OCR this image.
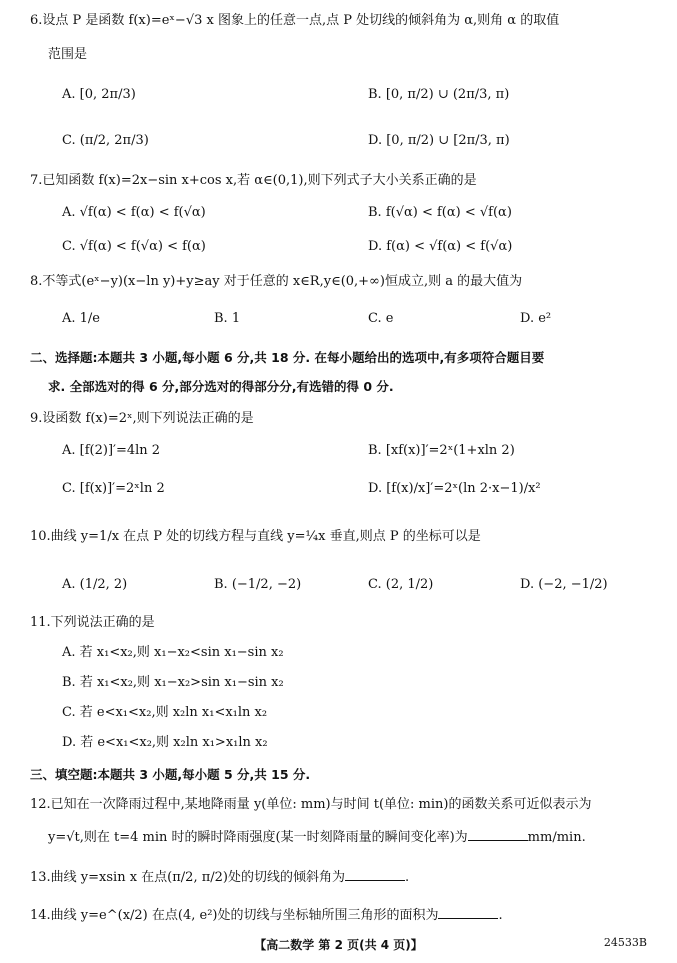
6.设点 P 是函数 f(x)=eˣ−√3 x 图象上的任意一点,点 P 处切线的倾斜角为 α,则角 α 的取值
范围是
A. [0, 2π/3)	B. [0, π/2) ∪ (2π/3, π)
C. (π/2, 2π/3)	D. [0, π/2) ∪ [2π/3, π)
7.已知函数 f(x)=2x−sin x+cos x,若 α∈(0,1),则下列式子大小关系正确的是
A. √f(α) < f(α) < f(√α)	B. f(√α) < f(α) < √f(α)
C. √f(α) < f(√α) < f(α)	D. f(α) < √f(α) < f(√α)
8.不等式(eˣ−y)(x−ln y)+y≥ay 对于任意的 x∈R,y∈(0,+∞)恒成立,则 a 的最大值为
A. 1/e	B. 1	C. e	D. e²
二、选择题:本题共 3 小题,每小题 6 分,共 18 分. 在每小题给出的选项中,有多项符合题目要
求. 全部选对的得 6 分,部分选对的得部分分,有选错的得 0 分.
9.设函数 f(x)=2ˣ,则下列说法正确的是
A. [f(2)]′=4ln 2	B. [xf(x)]′=2ˣ(1+xln 2)
C. [f(x)]′=2ˣln 2	D. [f(x)/x]′=2ˣ(ln 2·x−1)/x²
10.曲线 y=1/x 在点 P 处的切线方程与直线 y=¼x 垂直,则点 P 的坐标可以是
A. (1/2, 2)	B. (−1/2, −2)	C. (2, 1/2)	D. (−2, −1/2)
11.下列说法正确的是
A. 若 x₁<x₂,则 x₁−x₂<sin x₁−sin x₂
B. 若 x₁<x₂,则 x₁−x₂>sin x₁−sin x₂
C. 若 e<x₁<x₂,则 x₂ln x₁<x₁ln x₂
D. 若 e<x₁<x₂,则 x₂ln x₁>x₁ln x₂
三、填空题:本题共 3 小题,每小题 5 分,共 15 分.
12.已知在一次降雨过程中,某地降雨量 y(单位: mm)与时间 t(单位: min)的函数关系可近似表示为
y=√t,则在 t=4 min 时的瞬时降雨强度(某一时刻降雨量的瞬间变化率)为	mm/min.
13.曲线 y=xsin x 在点(π/2, π/2)处的切线的倾斜角为	.
14.曲线 y=e^(x/2) 在点(4, e²)处的切线与坐标轴所围三角形的面积为	.
【高二数学 第 2 页(共 4 页)】	24533B
